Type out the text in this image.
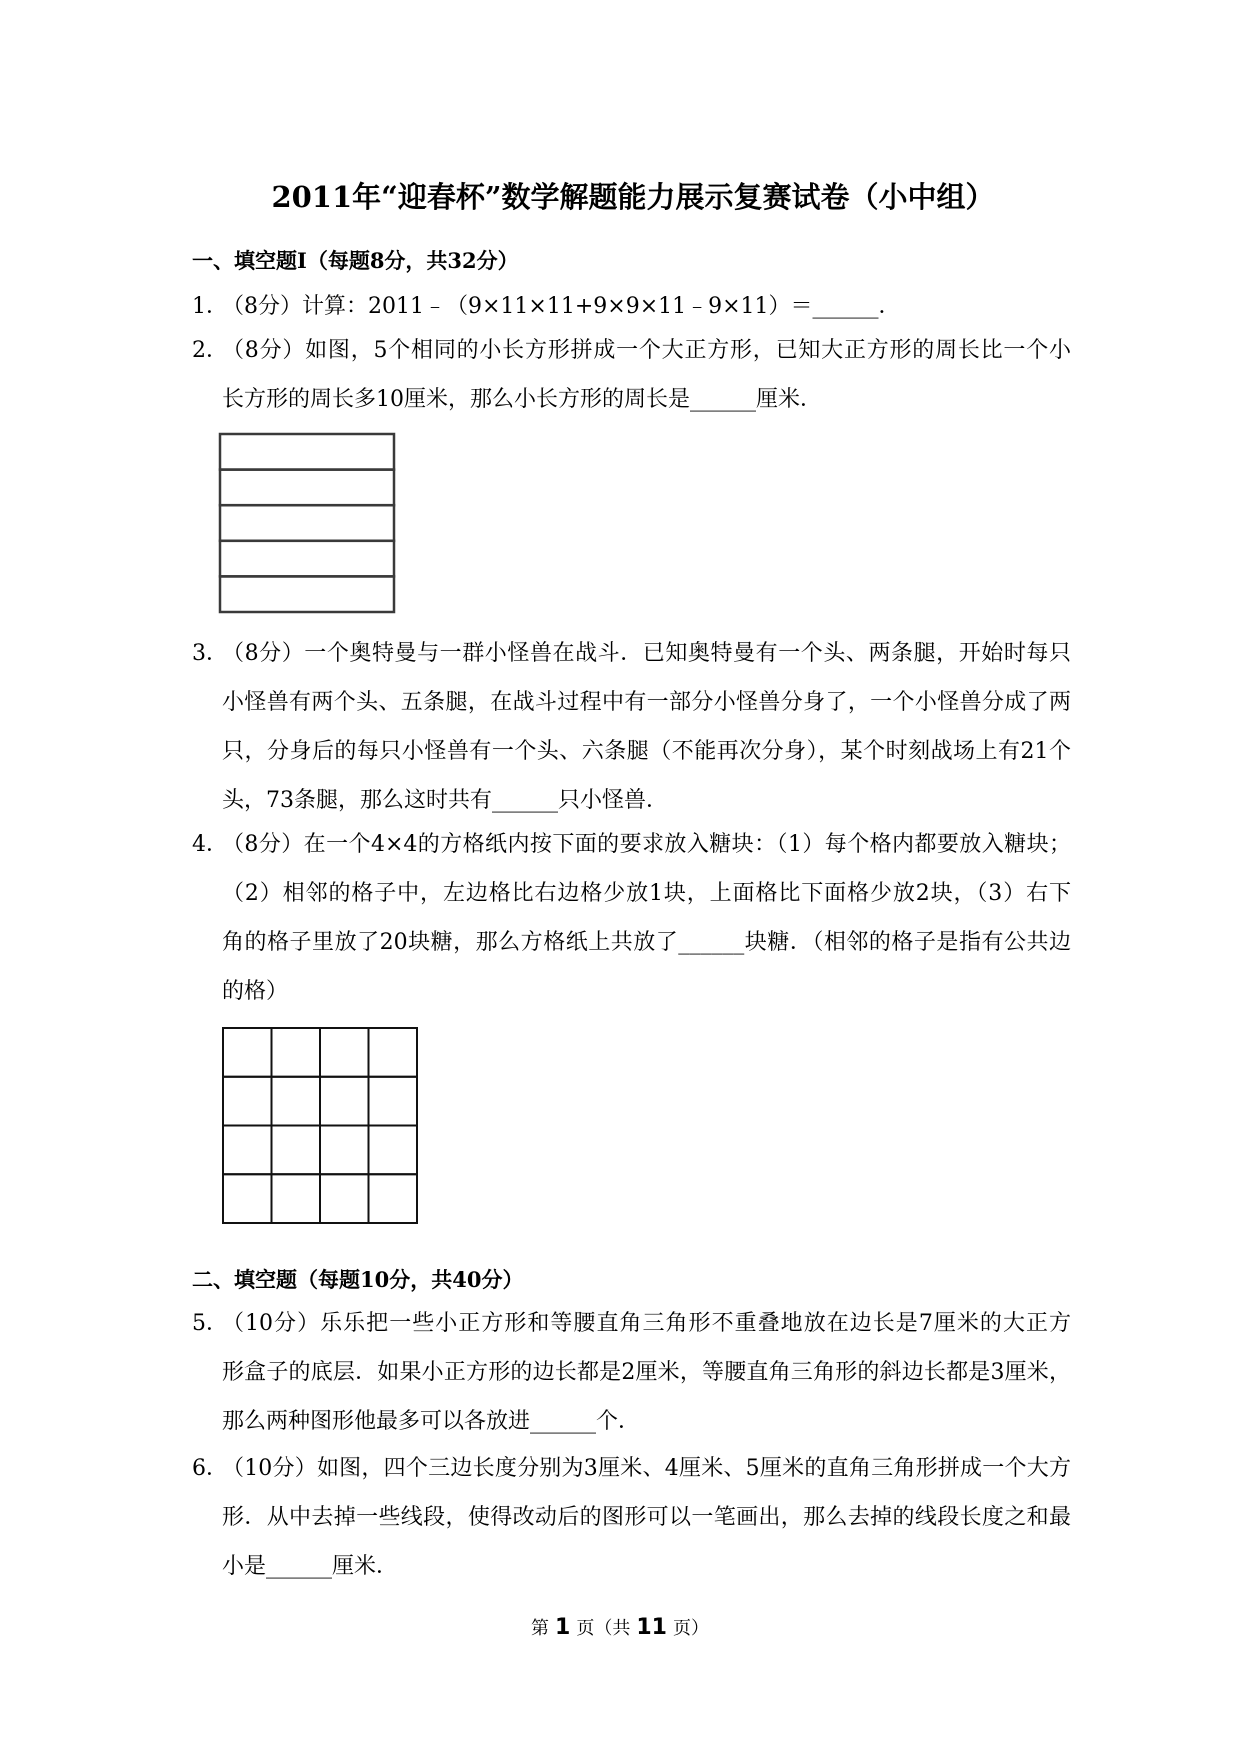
2011年“迎春杯”数学解题能力展示复赛试卷（小中组）
一、填空题Ⅰ（每题8分，共32分）
1．
（8分）计算：2011﹣（9×11×11+9×9×11﹣9×11）＝______．
2．
（8分）如图，5个相同的小长方形拼成一个大正方形，已知大正方形的周长比一个小
长方形的周长多10厘米，那么小长方形的周长是______厘米．
3．
（8分）一个奥特曼与一群小怪兽在战斗．已知奥特曼有一个头、两条腿，开始时每只
小怪兽有两个头、五条腿，在战斗过程中有一部分小怪兽分身了，一个小怪兽分成了两
只，分身后的每只小怪兽有一个头、六条腿（不能再次分身），某个时刻战场上有21个
头，73条腿，那么这时共有______只小怪兽．
4．
（8分）在一个4×4的方格纸内按下面的要求放入糖块：（1）每个格内都要放入糖块；
（2）相邻的格子中，左边格比右边格少放1块，上面格比下面格少放2块，（3）右下
角的格子里放了20块糖，那么方格纸上共放了______块糖．（相邻的格子是指有公共边
的格）
二、填空题（每题10分，共40分）
5．
（10分）乐乐把一些小正方形和等腰直角三角形不重叠地放在边长是7厘米的大正方
形盒子的底层．如果小正方形的边长都是2厘米，等腰直角三角形的斜边长都是3厘米，
那么两种图形他最多可以各放进______个．
6．
（10分）如图，四个三边长度分别为3厘米、4厘米、5厘米的直角三角形拼成一个大方
形．从中去掉一些线段，使得改动后的图形可以一笔画出，那么去掉的线段长度之和最
小是______厘米．
第 1 页（共 11 页）
